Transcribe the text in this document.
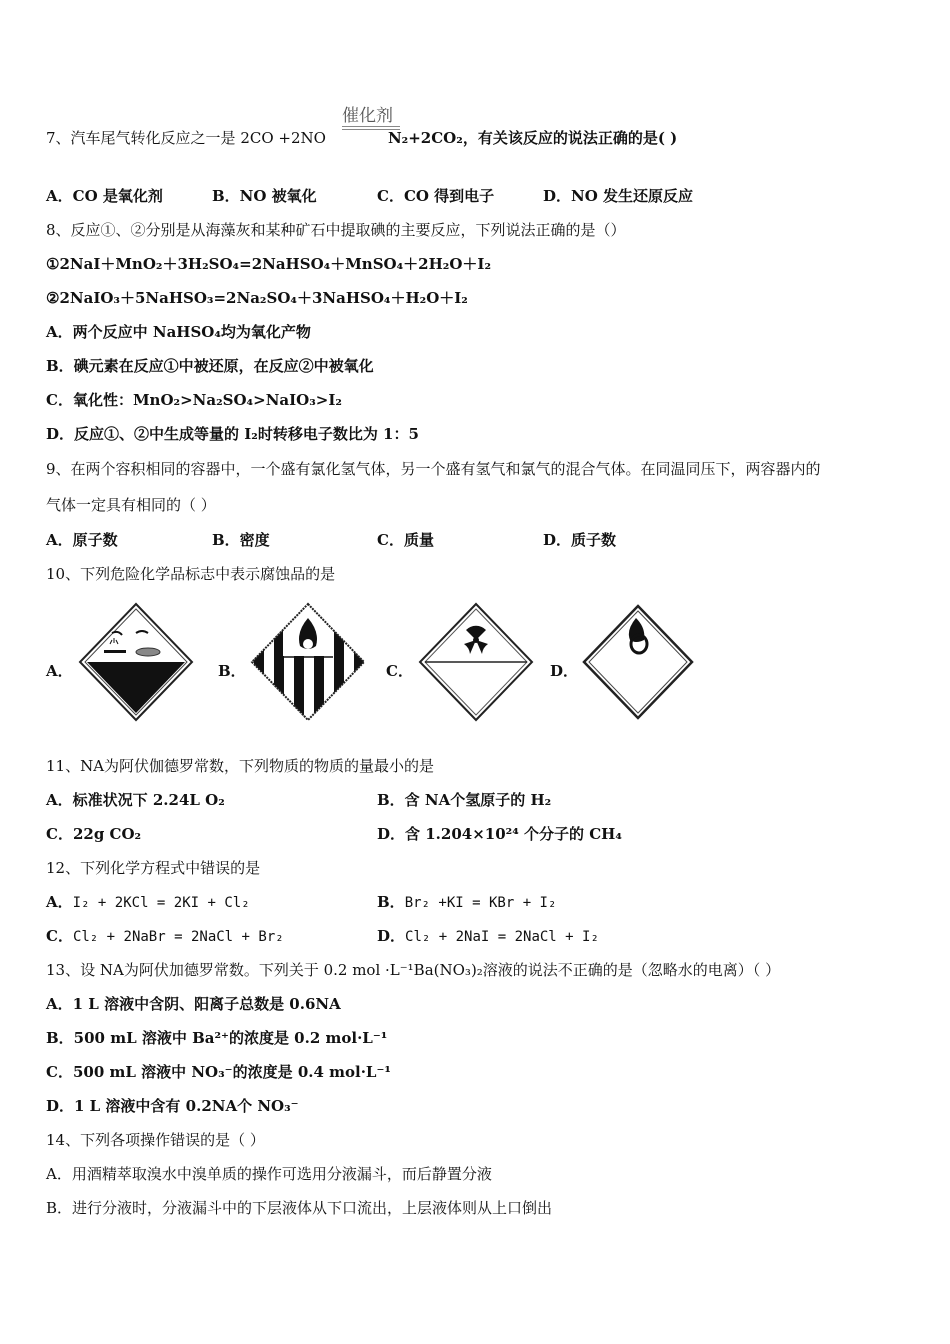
催化剂
7、汽车尾气转化反应之一是 2CO +2NO	N₂+2CO₂，有关该反应的说法正确的是( )
A．CO 是氧化剂	B．NO 被氧化	C．CO 得到电子	D．NO 发生还原反应
8、反应①、②分别是从海藻灰和某种矿石中提取碘的主要反应，下列说法正确的是（）
①2NaI＋MnO₂＋3H₂SO₄=2NaHSO₄＋MnSO₄＋2H₂O＋I₂
②2NaIO₃＋5NaHSO₃=2Na₂SO₄＋3NaHSO₄＋H₂O＋I₂
A．两个反应中 NaHSO₄均为氧化产物
B．碘元素在反应①中被还原，在反应②中被氧化
C．氧化性：MnO₂>Na₂SO₄>NaIO₃>I₂
D．反应①、②中生成等量的 I₂时转移电子数比为 1：5
9、在两个容积相同的容器中，一个盛有氯化氢气体，另一个盛有氢气和氯气的混合气体。在同温同压下，两容器内的
气体一定具有相同的（ ）
A．原子数	B．密度	C．质量	D．质子数
10、下列危险化学品标志中表示腐蚀品的是
A．	B．	C．	D．
11、NA为阿伏伽德罗常数，下列物质的物质的量最小的是
A．标准状况下 2.24L O₂	B．含 NA个氢原子的 H₂
C．22g CO₂	D．含 1.204×10²⁴ 个分子的 CH₄
12、下列化学方程式中错误的是
A．I₂ + 2KCl = 2KI + Cl₂	B．Br₂ +KI = KBr + I₂
C．Cl₂ + 2NaBr = 2NaCl + Br₂	D．Cl₂ + 2NaI = 2NaCl + I₂
13、设 NA为阿伏加德罗常数。下列关于 0.2 mol ·L⁻¹Ba(NO₃)₂溶液的说法不正确的是（忽略水的电离）（ ）
A．1 L 溶液中含阴、阳离子总数是 0.6NA
B．500 mL 溶液中 Ba²⁺的浓度是 0.2 mol·L⁻¹
C．500 mL 溶液中 NO₃⁻的浓度是 0.4 mol·L⁻¹
D．1 L 溶液中含有 0.2NA个 NO₃⁻
14、下列各项操作错误的是（ ）
A．用酒精萃取溴水中溴单质的操作可选用分液漏斗，而后静置分液
B．进行分液时，分液漏斗中的下层液体从下口流出，上层液体则从上口倒出
